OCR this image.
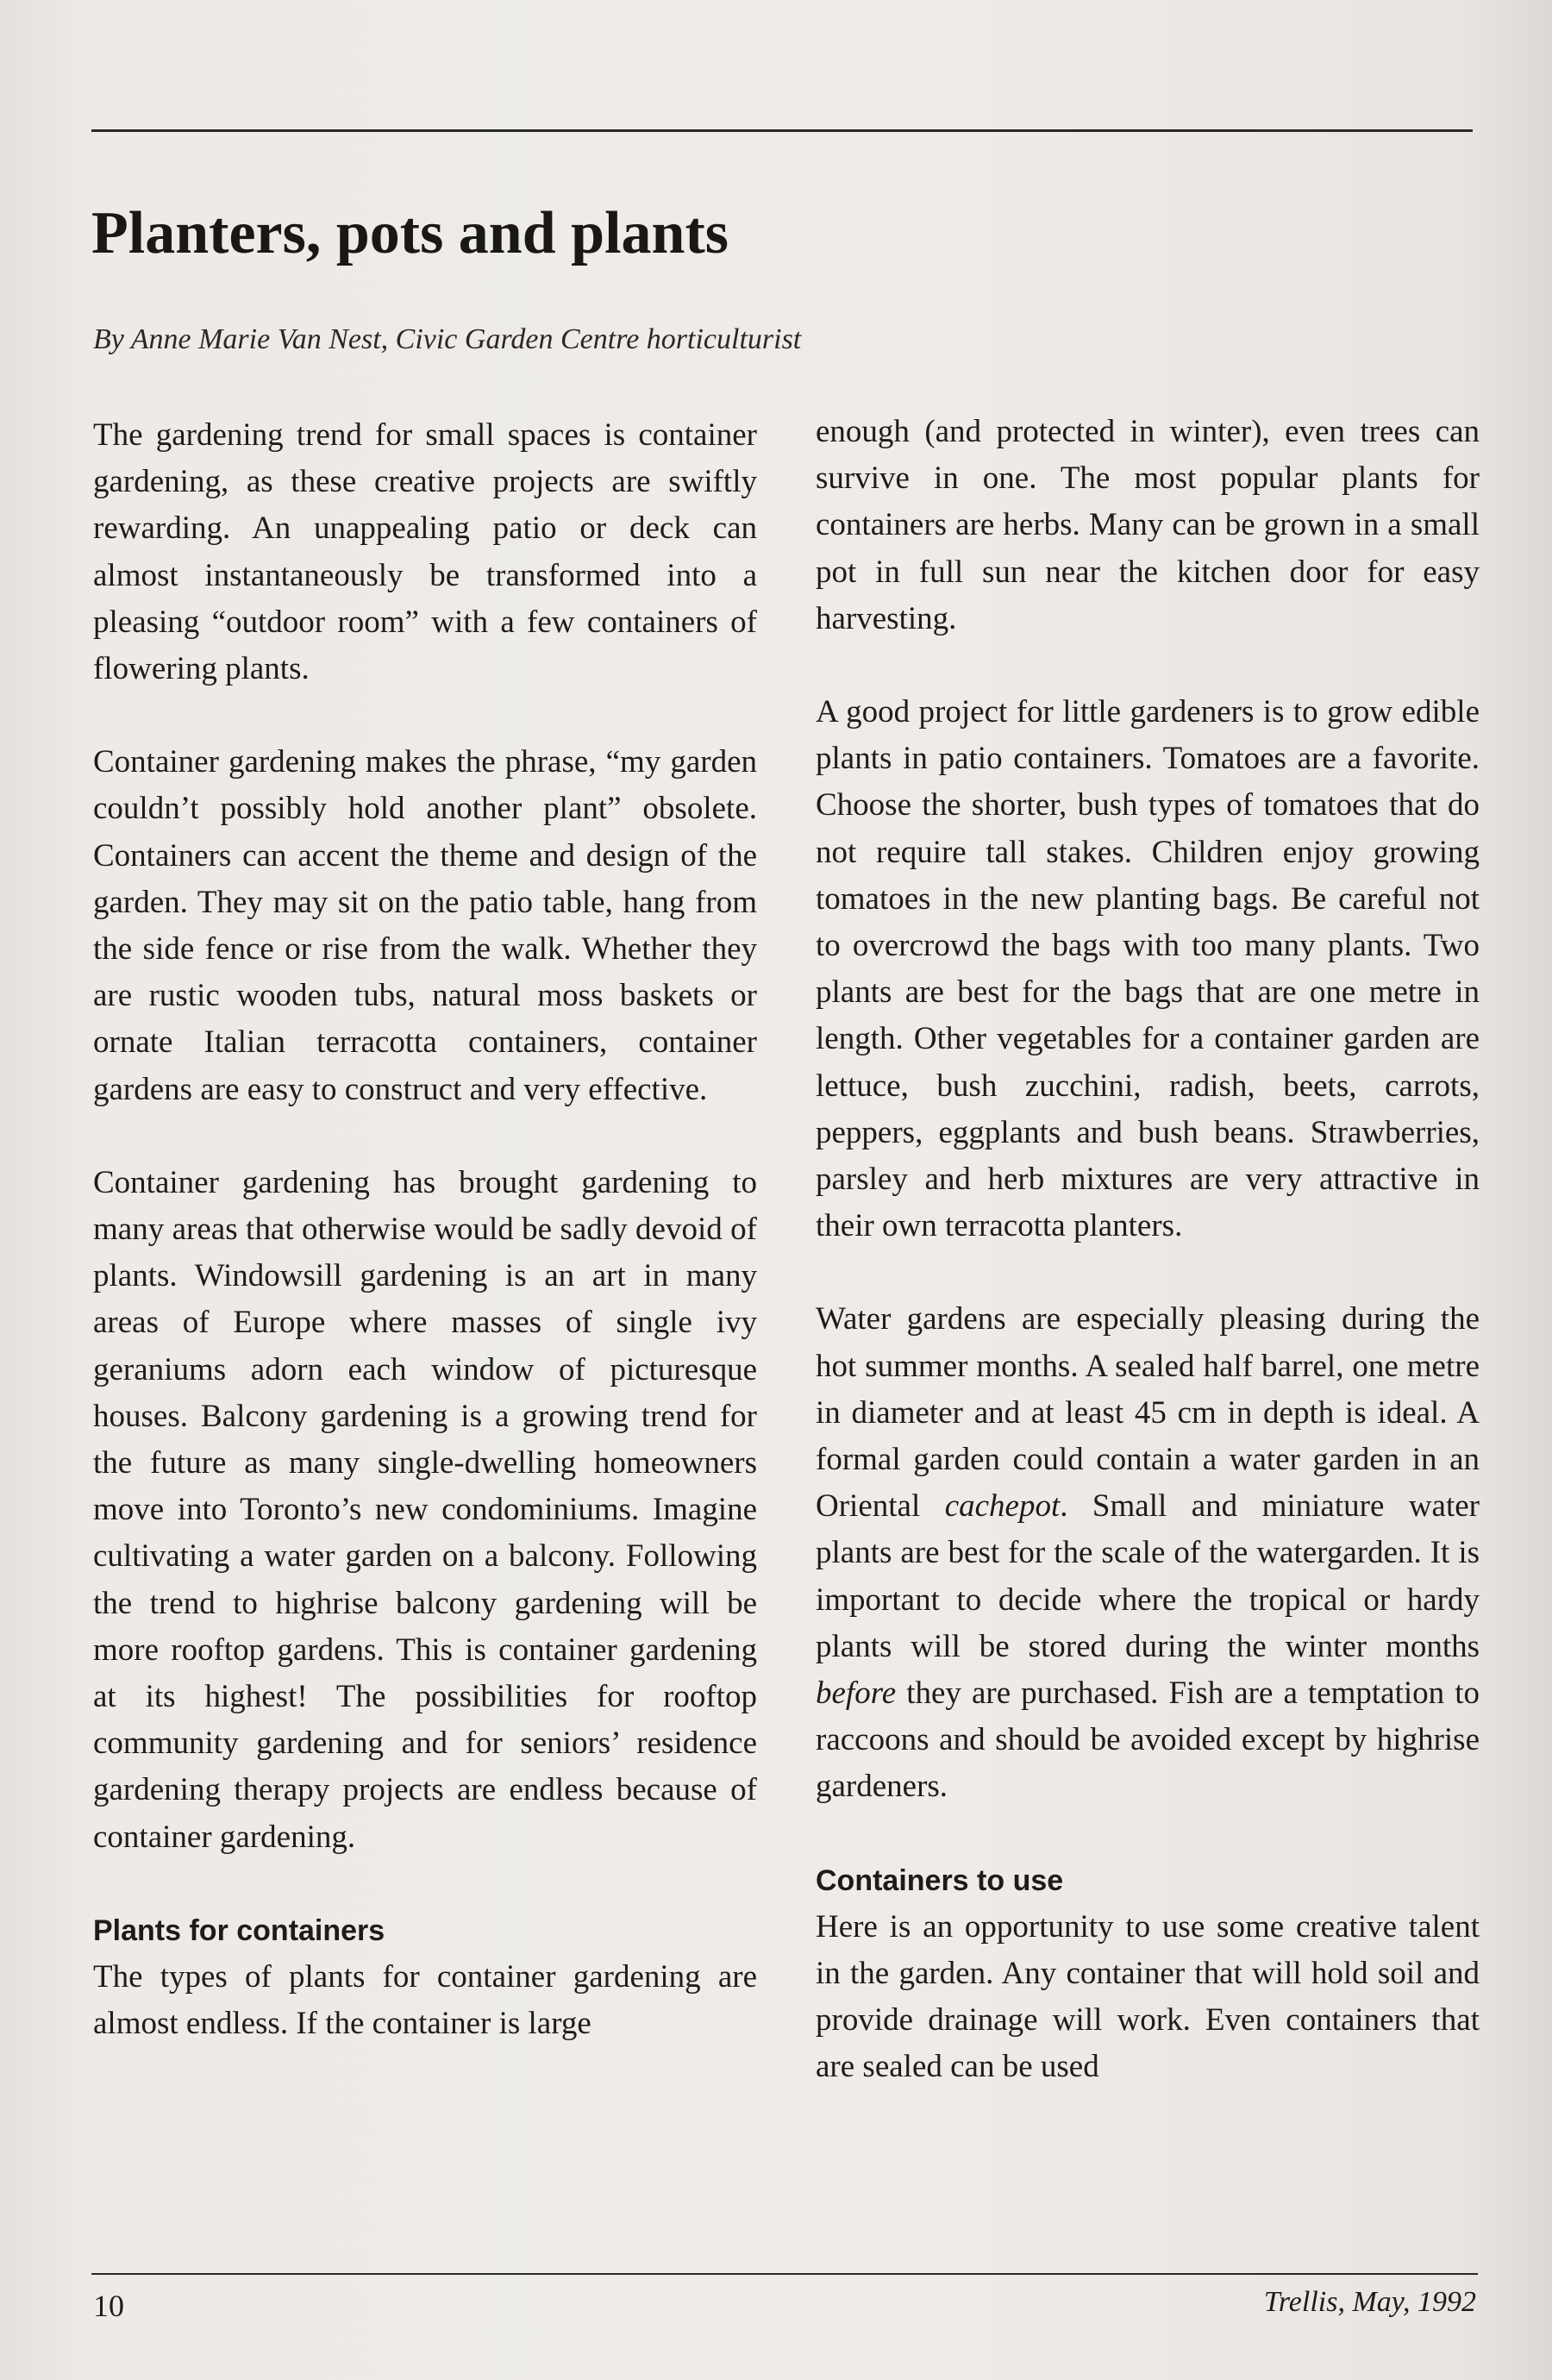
Planters, pots and plants

By Anne Marie Van Nest, Civic Garden Centre horticulturist

The gardening trend for small spaces is container gardening, as these creative projects are swiftly rewarding. An unappealing patio or deck can almost instantaneously be transformed into a pleasing “outdoor room” with a few containers of flowering plants.

Container gardening makes the phrase, “my garden couldn’t possibly hold another plant” obsolete. Containers can accent the theme and design of the garden. They may sit on the patio table, hang from the side fence or rise from the walk. Whether they are rustic wooden tubs, natural moss baskets or ornate Italian terracotta containers, container gardens are easy to construct and very effective.

Container gardening has brought gardening to many areas that otherwise would be sadly devoid of plants. Windowsill gardening is an art in many areas of Europe where masses of single ivy geraniums adorn each window of picturesque houses. Balcony gardening is a growing trend for the future as many single-dwelling homeowners move into Toronto’s new condominiums. Imagine cultivating a water garden on a balcony. Following the trend to highrise balcony gardening will be more rooftop gardens. This is container gardening at its highest! The possibilities for rooftop community gardening and for seniors’ residence gardening therapy projects are endless because of container gardening.

Plants for containers

The types of plants for container gardening are almost endless. If the container is large

enough (and protected in winter), even trees can survive in one. The most popular plants for containers are herbs. Many can be grown in a small pot in full sun near the kitchen door for easy harvesting.

A good project for little gardeners is to grow edible plants in patio containers. Tomatoes are a favorite. Choose the shorter, bush types of tomatoes that do not require tall stakes. Children enjoy growing tomatoes in the new planting bags. Be careful not to overcrowd the bags with too many plants. Two plants are best for the bags that are one metre in length. Other vegetables for a container garden are lettuce, bush zucchini, radish, beets, carrots, peppers, eggplants and bush beans. Strawberries, parsley and herb mixtures are very attractive in their own terracotta planters.

Water gardens are especially pleasing during the hot summer months. A sealed half barrel, one metre in diameter and at least 45 cm in depth is ideal. A formal garden could contain a water garden in an Oriental cachepot. Small and miniature water plants are best for the scale of the watergarden. It is important to decide where the tropical or hardy plants will be stored during the winter months before they are purchased. Fish are a temptation to raccoons and should be avoided except by highrise gardeners.

Containers to use

Here is an opportunity to use some creative talent in the garden. Any container that will hold soil and provide drainage will work. Even containers that are sealed can be used

10	Trellis, May, 1992
